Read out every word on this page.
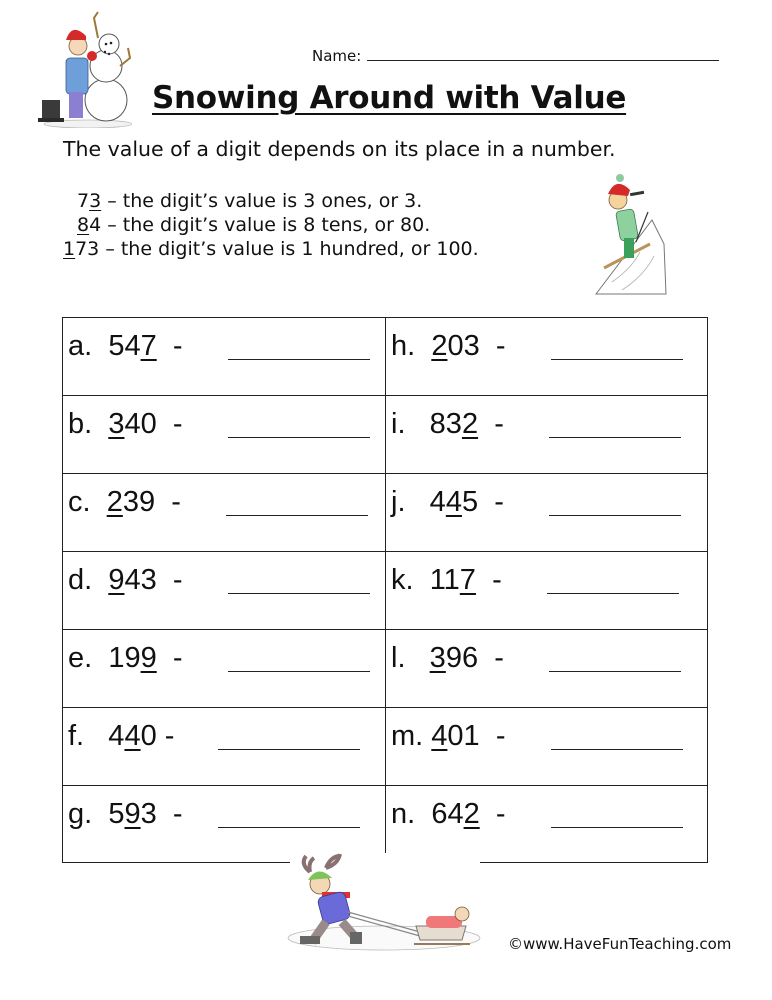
Name:
Snowing Around with Value
The value of a digit depends on its place in a number.
73 – the digit’s value is 3 ones, or 3.
84 – the digit’s value is 8 tens, or 80.
173 – the digit’s value is 1 hundred, or 100.
a. 547 -
b. 340 -
c. 239 -
d. 943 -
e. 199 -
f. 440 -
g. 593 -
h. 203 -
i. 832 -
j. 445 -
k. 117 -
l. 396 -
m. 401 -
n. 642 -
©www.HaveFunTeaching.com
